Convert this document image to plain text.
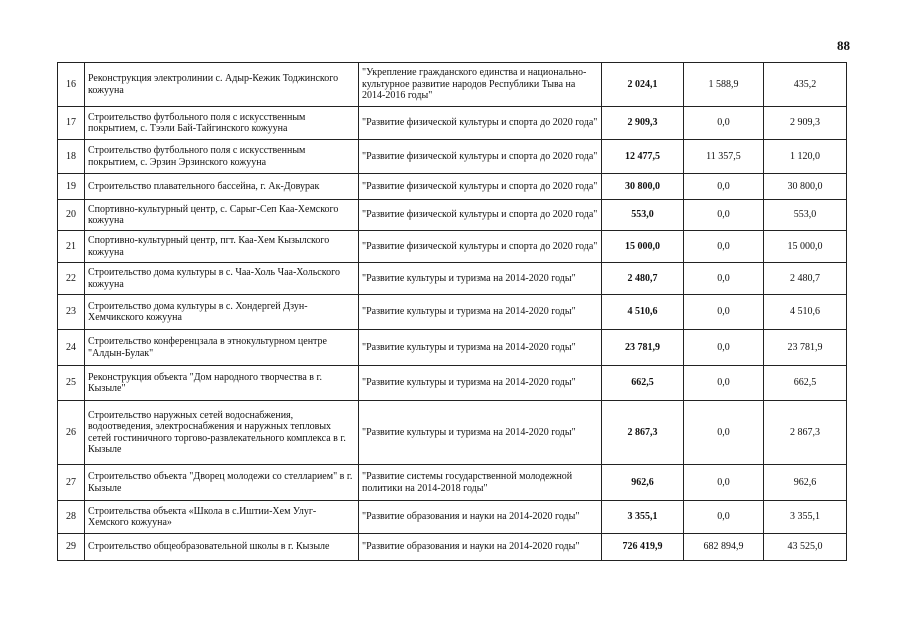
88
16	Реконструкция электролинии с. Адыр-Кежик Тоджинского кожууна	"Укрепление гражданского единства и национально-культурное развитие народов Республики Тыва на 2014-2016 годы"	2 024,1	1 588,9	435,2
17	Строительство футбольного поля с искусственным покрытием, с. Тээли Бай-Тайгинского кожууна	"Развитие физической культуры и спорта до 2020 года"	2 909,3	0,0	2 909,3
18	Строительство футбольного поля с искусственным покрытием, с. Эрзин Эрзинского кожууна	"Развитие физической культуры и спорта до 2020 года"	12 477,5	11 357,5	1 120,0
19	Строительство плавательного бассейна, г. Ак-Довурак	"Развитие физической культуры и спорта до 2020 года"	30 800,0	0,0	30 800,0
20	Спортивно-культурный центр, с. Сарыг-Сеп Каа-Хемского кожууна	"Развитие физической культуры и спорта до 2020 года"	553,0	0,0	553,0
21	Спортивно-культурный центр, пгт. Каа-Хем Кызылского кожууна	"Развитие физической культуры и спорта до 2020 года"	15 000,0	0,0	15 000,0
22	Строительство дома культуры в с. Чаа-Холь Чаа-Хольского кожууна	"Развитие культуры и туризма на 2014-2020 годы"	2 480,7	0,0	2 480,7
23	Строительство дома культуры в с. Хондергей Дзун-Хемчикского кожууна	"Развитие культуры и туризма на 2014-2020 годы"	4 510,6	0,0	4 510,6
24	Строительство конференцзала в этнокультурном центре "Алдын-Булак"	"Развитие культуры и туризма на 2014-2020 годы"	23 781,9	0,0	23 781,9
25	Реконструкция объекта "Дом народного творчества в г. Кызыле"	"Развитие культуры и туризма на 2014-2020 годы"	662,5	0,0	662,5
26	Строительство наружных сетей водоснабжения, водоотведения, электроснабжения и наружных тепловых сетей гостиничного торгово-развлекательного комплекса в г. Кызыле	"Развитие культуры и туризма на 2014-2020 годы"	2 867,3	0,0	2 867,3
27	Строительство объекта "Дворец молодежи со стелларием" в г. Кызыле	"Развитие системы государственной молодежной политики на 2014-2018 годы"	962,6	0,0	962,6
28	Строительства объекта «Школа в с.Иштии-Хем Улуг-Хемского кожууна»	"Развитие образования и науки на 2014-2020 годы"	3 355,1	0,0	3 355,1
29	Строительство общеобразовательной школы в г. Кызыле	"Развитие образования и науки на 2014-2020 годы"	726 419,9	682 894,9	43 525,0
